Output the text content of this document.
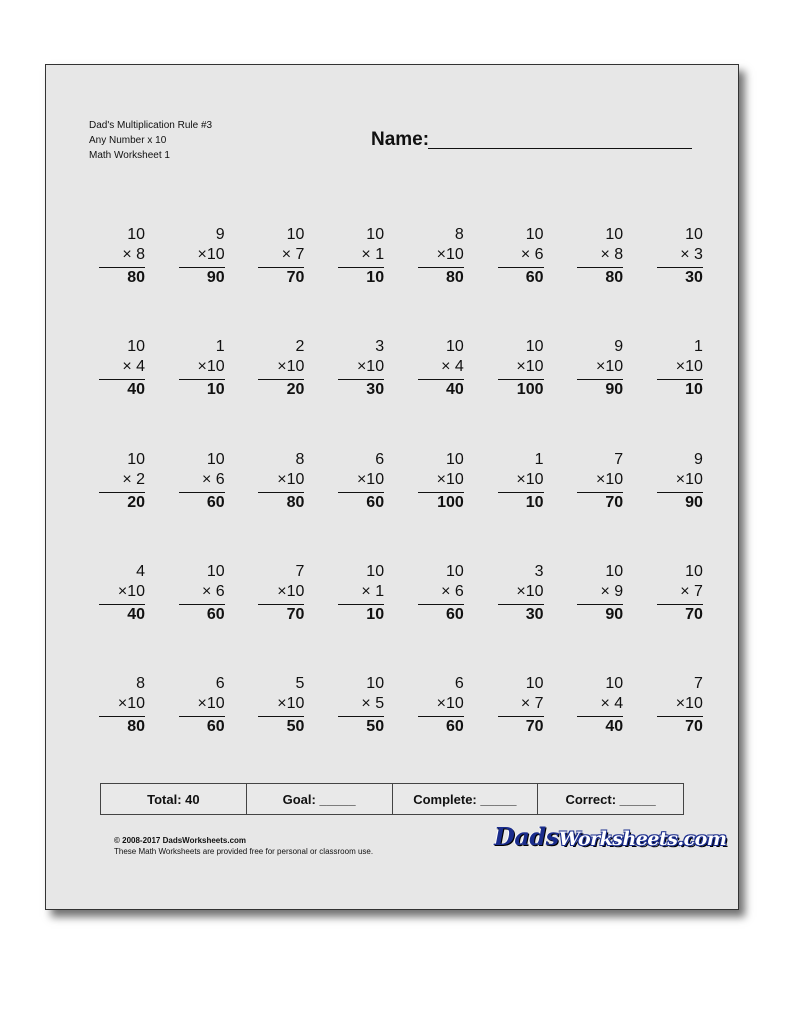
Dad's Multiplication Rule #3
Any Number x 10
Math Worksheet 1
Name:
10
× 8
80
9
×10
90
10
× 7
70
10
× 1
10
8
×10
80
10
× 6
60
10
× 8
80
10
× 3
30
10
× 4
40
1
×10
10
2
×10
20
3
×10
30
10
× 4
40
10
×10
100
9
×10
90
1
×10
10
10
× 2
20
10
× 6
60
8
×10
80
6
×10
60
10
×10
100
1
×10
10
7
×10
70
9
×10
90
4
×10
40
10
× 6
60
7
×10
70
10
× 1
10
10
× 6
60
3
×10
30
10
× 9
90
10
× 7
70
8
×10
80
6
×10
60
5
×10
50
10
× 5
50
6
×10
60
10
× 7
70
10
× 4
40
7
×10
70
Total: 40	Goal: _____	Complete: _____	Correct: _____
© 2008-2017 DadsWorksheets.com
These Math Worksheets are provided free for personal or classroom use.
DadsWorksheets.com
